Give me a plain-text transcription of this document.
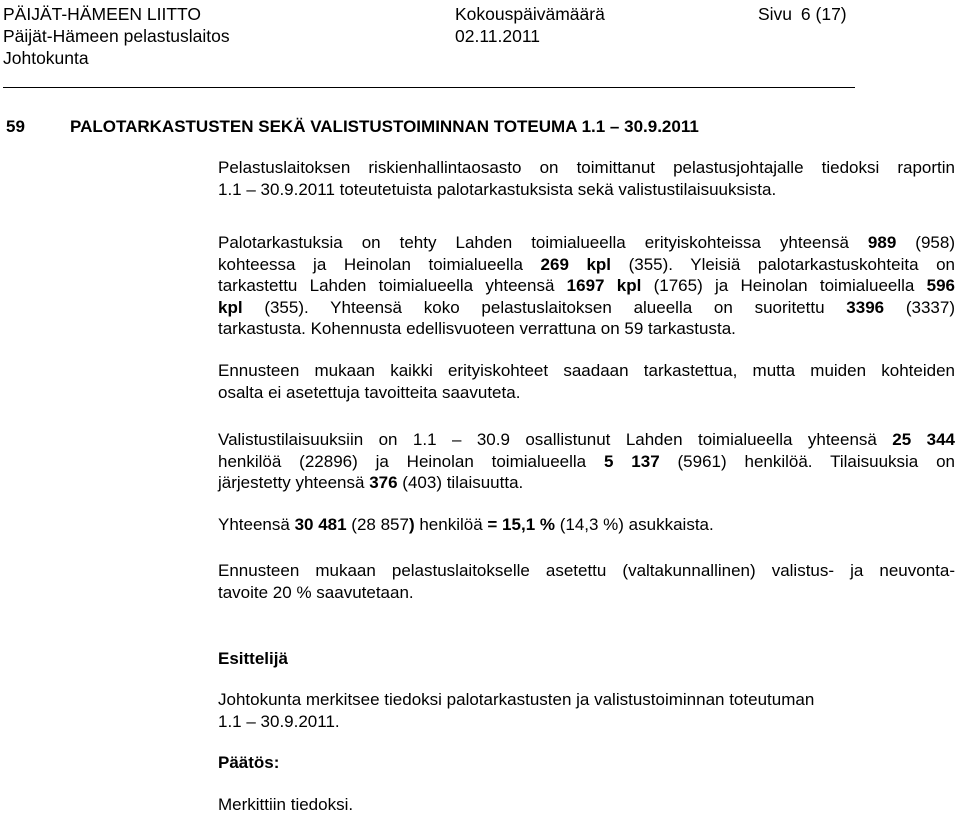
PÄIJÄT-HÄMEEN LIITTO
Päijät-Hämeen pelastuslaitos
Johtokunta
Kokouspäivämäärä
02.11.2011
Sivu 6 (17)
59	PALOTARKASTUSTEN SEKÄ VALISTUSTOIMINNAN TOTEUMA 1.1 – 30.9.2011
Pelastuslaitoksen riskienhallintaosasto on toimittanut pelastusjohtajalle tiedoksi raportin
1.1 – 30.9.2011 toteutetuista palotarkastuksista sekä valistustilaisuuksista.
Palotarkastuksia on tehty Lahden toimialueella erityiskohteissa yhteensä 989 (958)
kohteessa ja Heinolan toimialueella 269 kpl (355). Yleisiä palotarkastuskohteita on
tarkastettu Lahden toimialueella yhteensä 1697 kpl (1765) ja Heinolan toimialueella 596
kpl (355). Yhteensä koko pelastuslaitoksen alueella on suoritettu 3396 (3337)
tarkastusta. Kohennusta edellisvuoteen verrattuna on 59 tarkastusta.
Ennusteen mukaan kaikki erityiskohteet saadaan tarkastettua, mutta muiden kohteiden
osalta ei asetettuja tavoitteita saavuteta.
Valistustilaisuuksiin on 1.1 – 30.9 osallistunut Lahden toimialueella yhteensä 25 344
henkilöä (22896) ja Heinolan toimialueella 5 137 (5961) henkilöä. Tilaisuuksia on
järjestetty yhteensä 376 (403) tilaisuutta.
Yhteensä 30 481 (28 857) henkilöä = 15,1 % (14,3 %) asukkaista.
Ennusteen mukaan pelastuslaitokselle asetettu (valtakunnallinen) valistus- ja neuvonta-
tavoite 20 % saavutetaan.
Esittelijä
Johtokunta merkitsee tiedoksi palotarkastusten ja valistustoiminnan toteutuman
1.1 – 30.9.2011.
Päätös:
Merkittiin tiedoksi.
